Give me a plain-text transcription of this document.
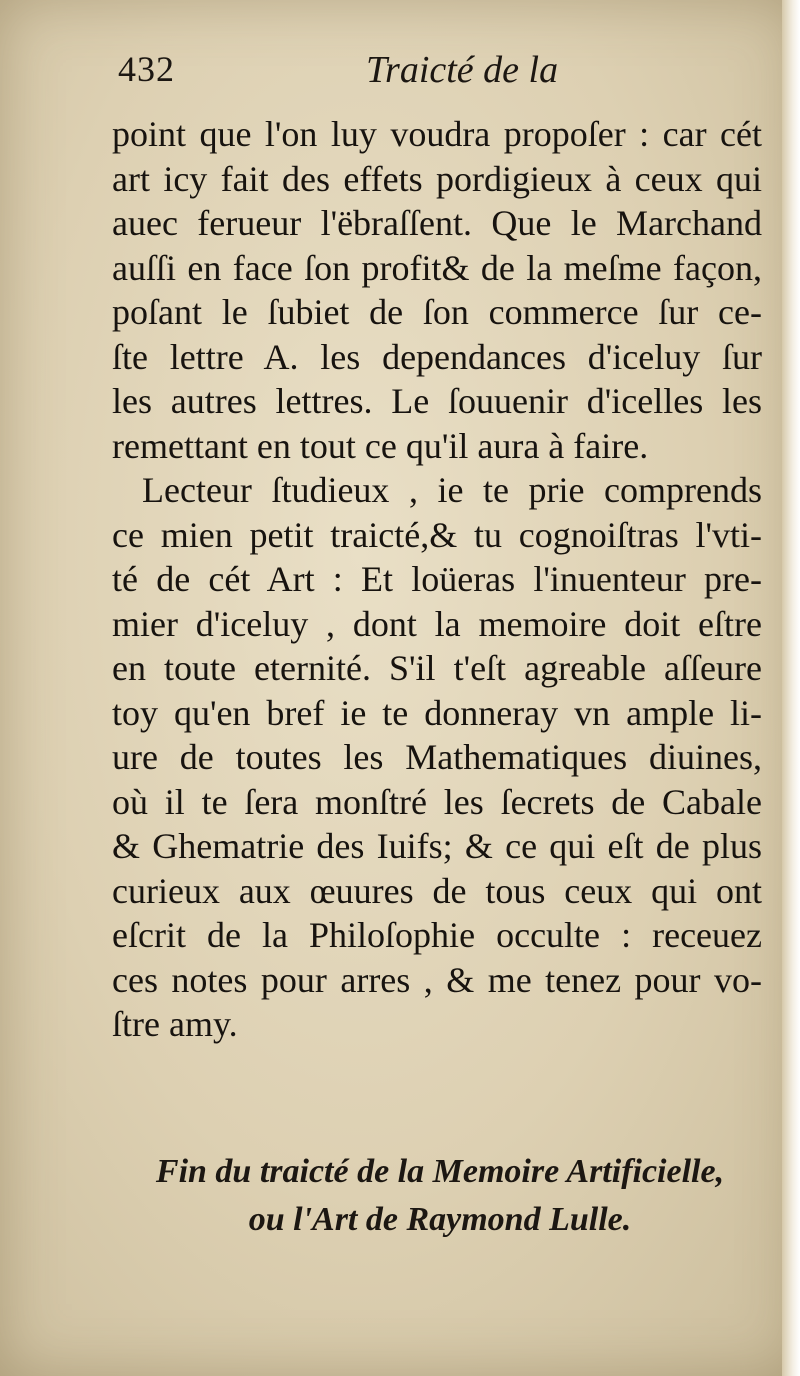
432	Traicté de la
point que l'on luy voudra propoſer : car cét
art icy fait des effets pordigieux à ceux qui
auec ferueur l'ëbraſſent. Que le Marchand
auſſi en face ſon profit& de la meſme façon,
poſant le ſubiet de ſon commerce ſur ce-
ſte lettre A. les dependances d'iceluy ſur
les autres lettres. Le ſouuenir d'icelles les
remettant en tout ce qu'il aura à faire.
Lecteur ſtudieux , ie te prie comprends
ce mien petit traicté,& tu cognoiſtras l'vti-
té de cét Art : Et loüeras l'inuenteur pre-
mier d'iceluy , dont la memoire doit eſtre
en toute eternité. S'il t'eſt agreable aſſeure
toy qu'en bref ie te donneray vn ample li-
ure de toutes les Mathematiques diuines,
où il te ſera monſtré les ſecrets de Cabale
& Ghematrie des Iuifs; & ce qui eſt de plus
curieux aux œuures de tous ceux qui ont
eſcrit de la Philoſophie occulte : receuez
ces notes pour arres , & me tenez pour vo-
ſtre amy.
Fin du traicté de la Memoire Artificielle,
ou l'Art de Raymond Lulle.
